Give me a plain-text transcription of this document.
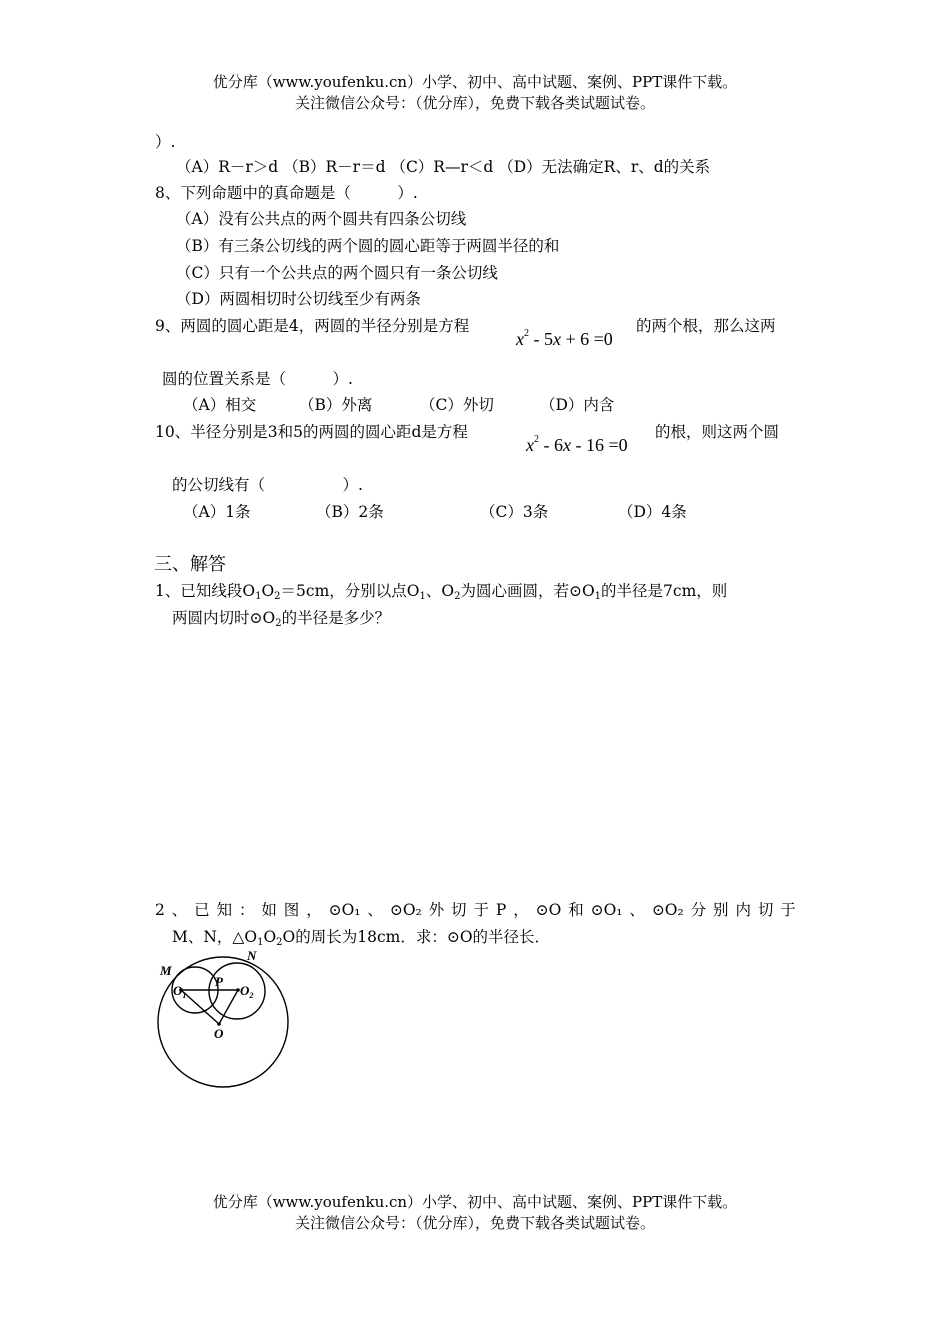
优分库（www.youfenku.cn）小学、初中、高中试题、案例、PPT课件下载。
关注微信公众号：（优分库），免费下载各类试题试卷。
）.
（A）R－r＞d （B）R－r＝d （C）R—r＜d （D）无法确定R、r、d的关系
8、下列命题中的真命题是（　　　）.
（A）没有公共点的两个圆共有四条公切线
（B）有三条公切线的两个圆的圆心距等于两圆半径的和
（C）只有一个公共点的两个圆只有一条公切线
（D）两圆相切时公切线至少有两条
9、两圆的圆心距是4，两圆的半径分别是方程
$x^2 - 5x + 6 =0$
的两个根，那么这两
圆的位置关系是（　　　）.
（A）相交	（B）外离	（C）外切	（D）内含
10、半径分别是3和5的两圆的圆心距d是方程
$x^2 - 6x - 16 =0$
的根，则这两个圆
的公切线有（　　　　　）.
（A）1条	（B）2条	（C）3条	（D）4条
三、解答
1、已知线段$O_1O_2=5cm$，分别以点$O_1$、$O_2$为圆心画圆，若$⊙O_1$的半径是7cm，则
两圆内切时$⊙O_2$的半径是多少？
2 、 已 知 ： 如 图 ， ⊙O₁ 、 ⊙O₂ 外 切 于 P ， ⊙O 和 ⊙O₁ 、 ⊙O₂ 分 别 内 切 于
M、N，$\triangle O_1O_2O$的周长为18cm．求：⊙O的半径长．
M
N
P
$O_1$	$O_2$
O
优分库（www.youfenku.cn）小学、初中、高中试题、案例、PPT课件下载。
关注微信公众号：（优分库），免费下载各类试题试卷。
